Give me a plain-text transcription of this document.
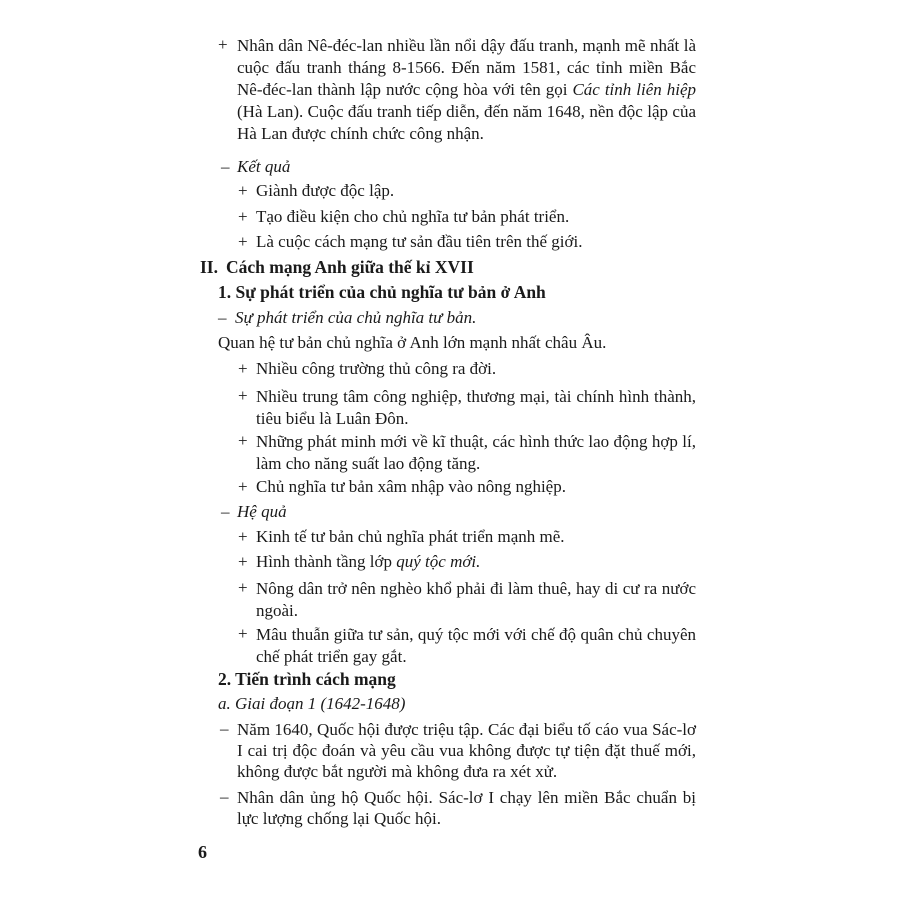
+ Nhân dân Nê-đéc-lan nhiều lần nổi dậy đấu tranh, mạnh mẽ nhất là cuộc đấu tranh tháng 8-1566. Đến năm 1581, các tỉnh miền Bắc Nê-đéc-lan thành lập nước cộng hòa với tên gọi Các tỉnh liên hiệp (Hà Lan). Cuộc đấu tranh tiếp diễn, đến năm 1648, nền độc lập của Hà Lan được chính chức công nhận.
– Kết quả
+ Giành được độc lập.
+ Tạo điều kiện cho chủ nghĩa tư bản phát triển.
+ Là cuộc cách mạng tư sản đầu tiên trên thế giới.
II. Cách mạng Anh giữa thế kỉ XVII
1. Sự phát triển của chủ nghĩa tư bản ở Anh
– Sự phát triển của chủ nghĩa tư bản.
Quan hệ tư bản chủ nghĩa ở Anh lớn mạnh nhất châu Âu.
+ Nhiều công trường thủ công ra đời.
+ Nhiều trung tâm công nghiệp, thương mại, tài chính hình thành, tiêu biểu là Luân Đôn.
+ Những phát minh mới về kĩ thuật, các hình thức lao động hợp lí, làm cho năng suất lao động tăng.
+ Chủ nghĩa tư bản xâm nhập vào nông nghiệp.
– Hệ quả
+ Kinh tế tư bản chủ nghĩa phát triển mạnh mẽ.
+ Hình thành tầng lớp quý tộc mới.
+ Nông dân trở nên nghèo khổ phải đi làm thuê, hay di cư ra nước ngoài.
+ Mâu thuẫn giữa tư sản, quý tộc mới với chế độ quân chủ chuyên chế phát triển gay gắt.
2. Tiến trình cách mạng
a. Giai đoạn 1 (1642-1648)
– Năm 1640, Quốc hội được triệu tập. Các đại biểu tố cáo vua Sác-lơ I cai trị độc đoán và yêu cầu vua không được tự tiện đặt thuế mới, không được bắt người mà không đưa ra xét xử.
– Nhân dân ủng hộ Quốc hội. Sác-lơ I chạy lên miền Bắc chuẩn bị lực lượng chống lại Quốc hội.
6
